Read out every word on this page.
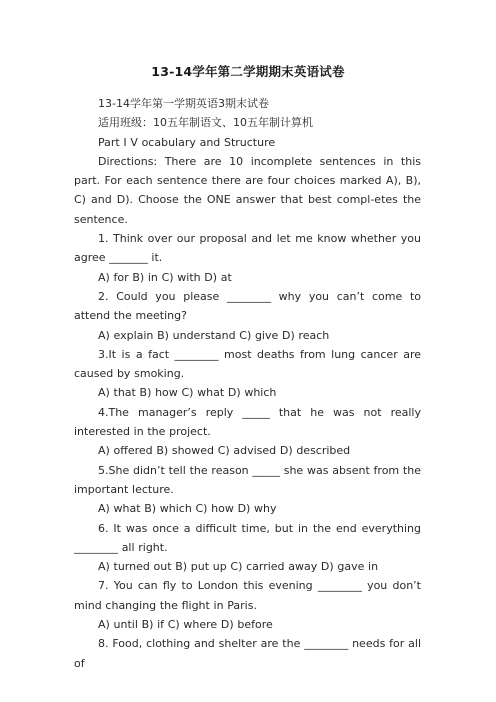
13-14学年第二学期期末英语试卷

13-14学年第一学期英语3期末试卷

适用班级：10五年制语文、10五年制计算机

Part I V ocabulary and Structure

Directions: There are 10 incomplete sentences in this part. For each sentence there are four choices marked A), B), C) and D). Choose the ONE answer that best compl-etes the sentence.

1. Think over our proposal and let me know whether you agree _______ it.

A) for B) in C) with D) at

2. Could you please ________ why you can’t come to attend the meeting?

A) explain B) understand C) give D) reach

3.It is a fact ________ most deaths from lung cancer are caused by smoking.

A) that B) how C) what D) which

4.The manager’s reply _____ that he was not really interested in the project.

A) offered B) showed C) advised D) described

5.She didn’t tell the reason _____ she was absent from the important lecture.

A) what B) which C) how D) why

6. It was once a difficult time, but in the end everything ________ all right.

A) turned out B) put up C) carried away D) gave in

7. You can fly to London this evening ________ you don’t mind changing the flight in Paris.

A) until B) if C) where D) before

8. Food, clothing and shelter are the ________ needs for all of
